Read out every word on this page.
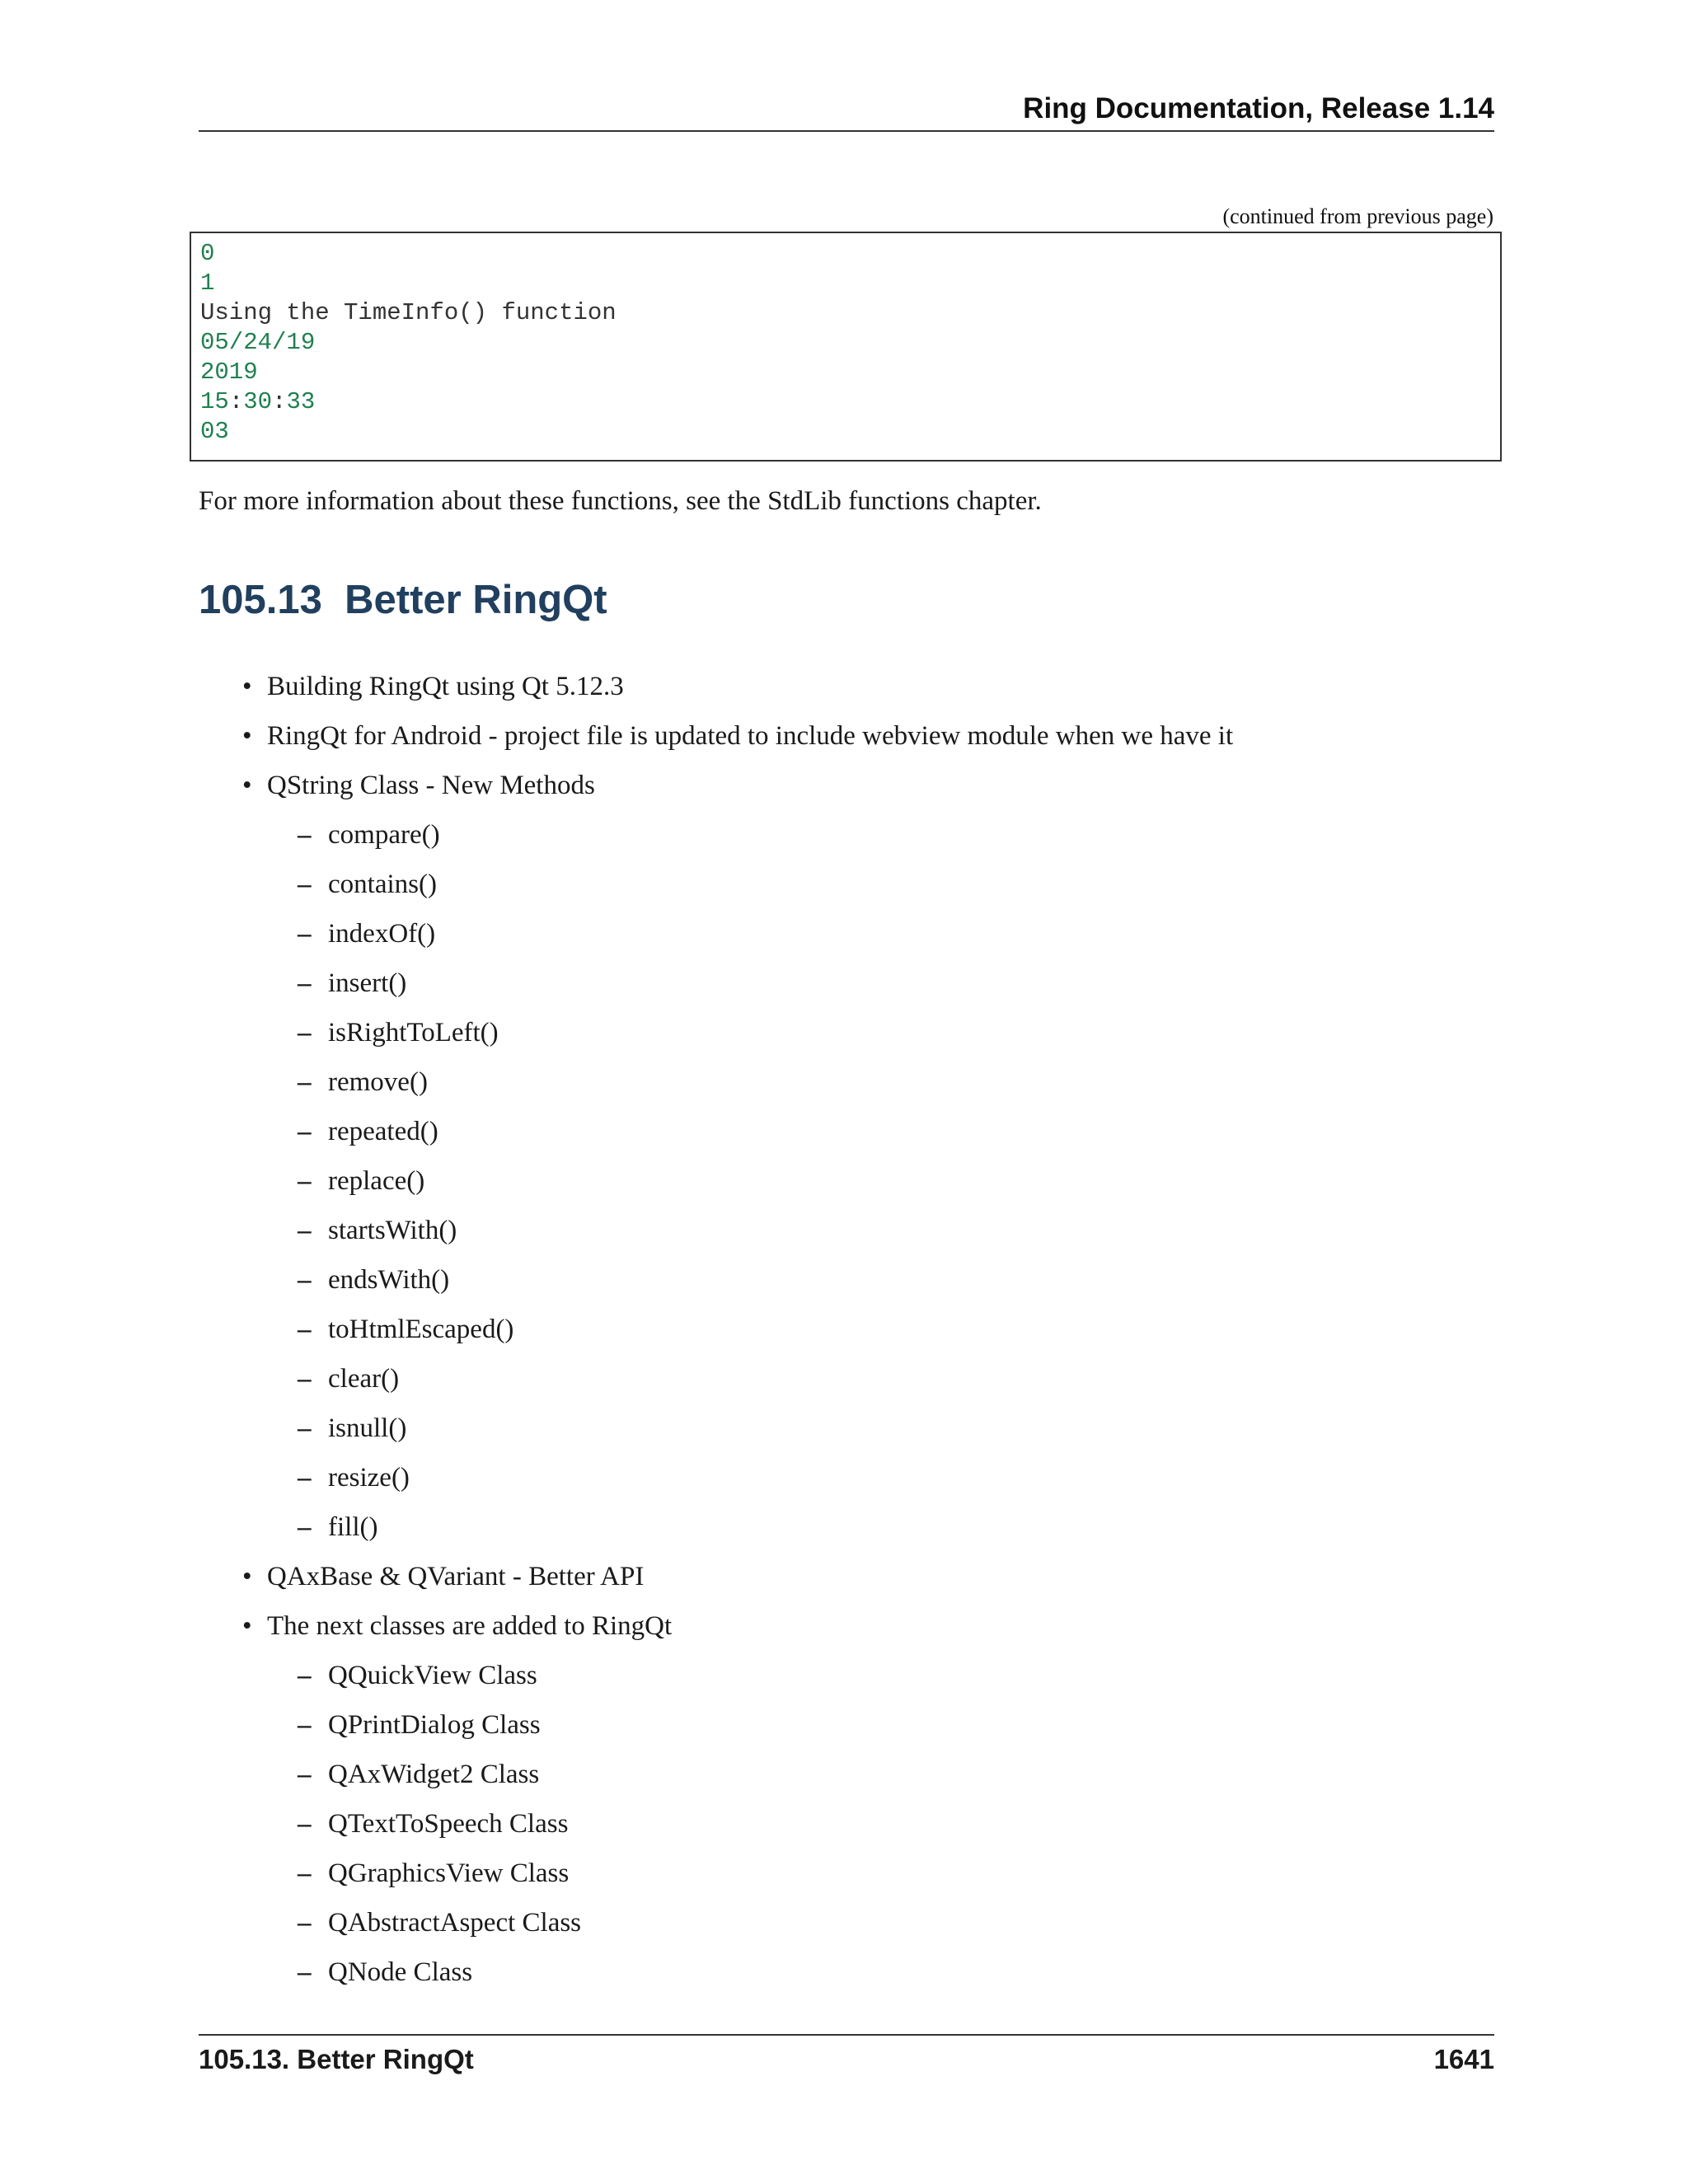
Ring Documentation, Release 1.14
(continued from previous page)

0

1

Using the TimeInfo() function

05/24/19

2019

15:30:33

03

For more information about these functions, see the StdLib functions chapter.

105.13 Better RingQt
• Building RingQt using Qt 5.12.3
• RingQt for Android - project file is updated to include webview module when we have it
• QString Class - New Methods
– compare()
– contains()
– indexOf()
– insert()
– isRightToLeft()
– remove()
– repeated()
– replace()
– startsWith()
– endsWith()
– toHtmlEscaped()
– clear()
– isnull()
– resize()
– fill()
• QAxBase & QVariant - Better API
• The next classes are added to RingQt
– QQuickView Class
– QPrintDialog Class
– QAxWidget2 Class
– QTextToSpeech Class
– QGraphicsView Class
– QAbstractAspect Class
– QNode Class
105.13. Better RingQt	1641
